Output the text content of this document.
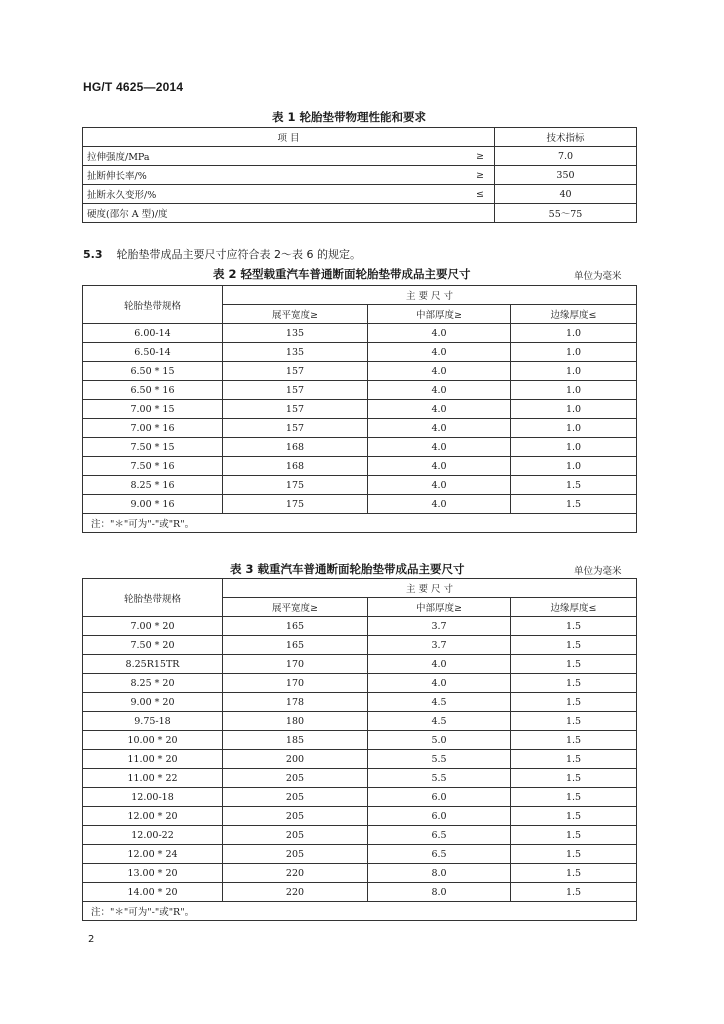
HG/T 4625—2014
表 1 轮胎垫带物理性能和要求
项 目		技术指标
拉伸强度/MPa	≥	7.0
扯断伸长率/%	≥	350
扯断永久变形/%	≤	40
硬度(邵尔 A 型)/度		55～75
5.3 轮胎垫带成品主要尺寸应符合表 2～表 6 的规定。
表 2 轻型载重汽车普通断面轮胎垫带成品主要尺寸	单位为毫米
轮胎垫带规格	主 要 尺 寸		
	展平宽度≥	中部厚度≥	边缘厚度≤
6.00-14	135	4.0	1.0
6.50-14	135	4.0	1.0
6.50 * 15	157	4.0	1.0
6.50 * 16	157	4.0	1.0
7.00 * 15	157	4.0	1.0
7.00 * 16	157	4.0	1.0
7.50 * 15	168	4.0	1.0
7.50 * 16	168	4.0	1.0
8.25 * 16	175	4.0	1.5
9.00 * 16	175	4.0	1.5
注："＊"可为"-"或"R"。			
表 3 载重汽车普通断面轮胎垫带成品主要尺寸	单位为毫米
轮胎垫带规格	主 要 尺 寸		
	展平宽度≥	中部厚度≥	边缘厚度≤
7.00 * 20	165	3.7	1.5
7.50 * 20	165	3.7	1.5
8.25R15TR	170	4.0	1.5
8.25 * 20	170	4.0	1.5
9.00 * 20	178	4.5	1.5
9.75-18	180	4.5	1.5
10.00 * 20	185	5.0	1.5
11.00 * 20	200	5.5	1.5
11.00 * 22	205	5.5	1.5
12.00-18	205	6.0	1.5
12.00 * 20	205	6.0	1.5
12.00-22	205	6.5	1.5
12.00 * 24	205	6.5	1.5
13.00 * 20	220	8.0	1.5
14.00 * 20	220	8.0	1.5
注："＊"可为"-"或"R"。			
2
